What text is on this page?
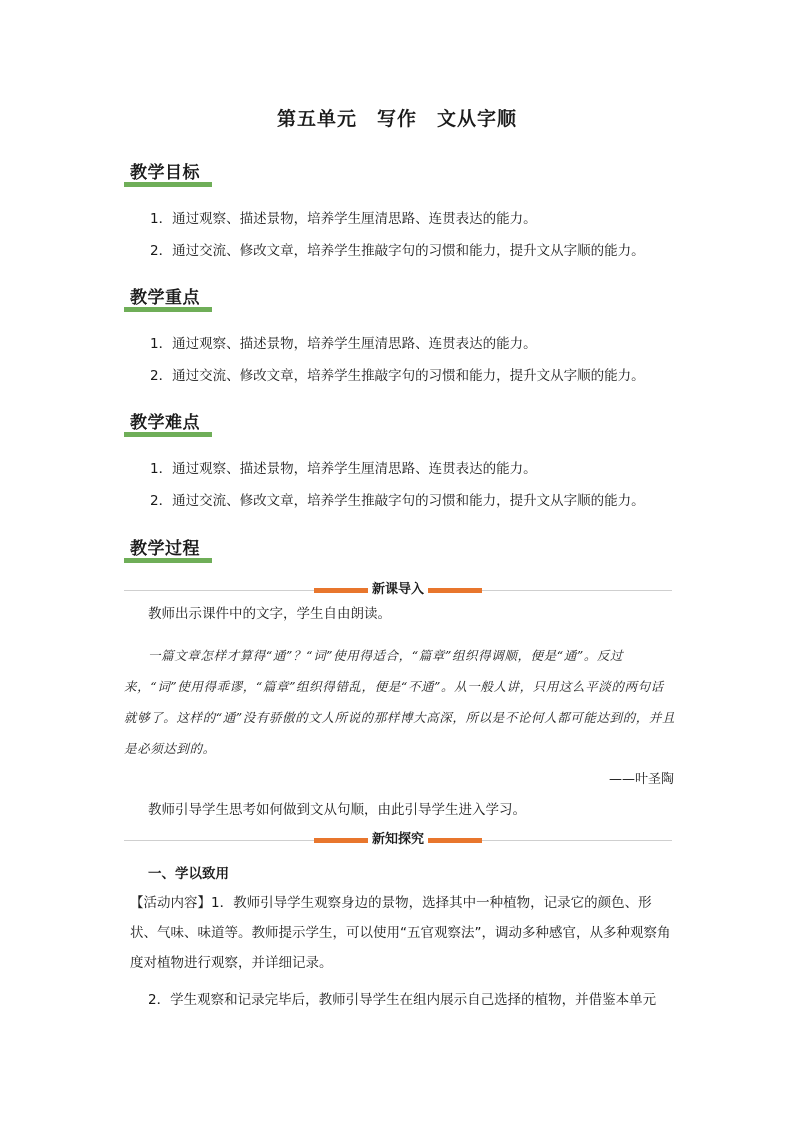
第五单元　写作　文从字顺
教学目标
1．通过观察、描述景物，培养学生厘清思路、连贯表达的能力。
2．通过交流、修改文章，培养学生推敲字句的习惯和能力，提升文从字顺的能力。
教学重点
1．通过观察、描述景物，培养学生厘清思路、连贯表达的能力。
2．通过交流、修改文章，培养学生推敲字句的习惯和能力，提升文从字顺的能力。
教学难点
1．通过观察、描述景物，培养学生厘清思路、连贯表达的能力。
2．通过交流、修改文章，培养学生推敲字句的习惯和能力，提升文从字顺的能力。
教学过程
新课导入
教师出示课件中的文字，学生自由朗读。
一篇文章怎样才算得“通”？“词”使用得适合，“篇章”组织得调顺，便是“通”。反过来，“词”使用得乖谬，“篇章”组织得错乱，便是“不通”。从一般人讲，只用这么平淡的两句话就够了。这样的“通”没有骄傲的文人所说的那样博大高深，所以是不论何人都可能达到的，并且是必须达到的。
——叶圣陶
教师引导学生思考如何做到文从句顺，由此引导学生进入学习。
新知探究
一、学以致用
【活动内容】1．教师引导学生观察身边的景物，选择其中一种植物，记录它的颜色、形状、气味、味道等。教师提示学生，可以使用“五官观察法”，调动多种感官，从多种观察角度对植物进行观察，并详细记录。
2．学生观察和记录完毕后，教师引导学生在组内展示自己选择的植物，并借鉴本单元
